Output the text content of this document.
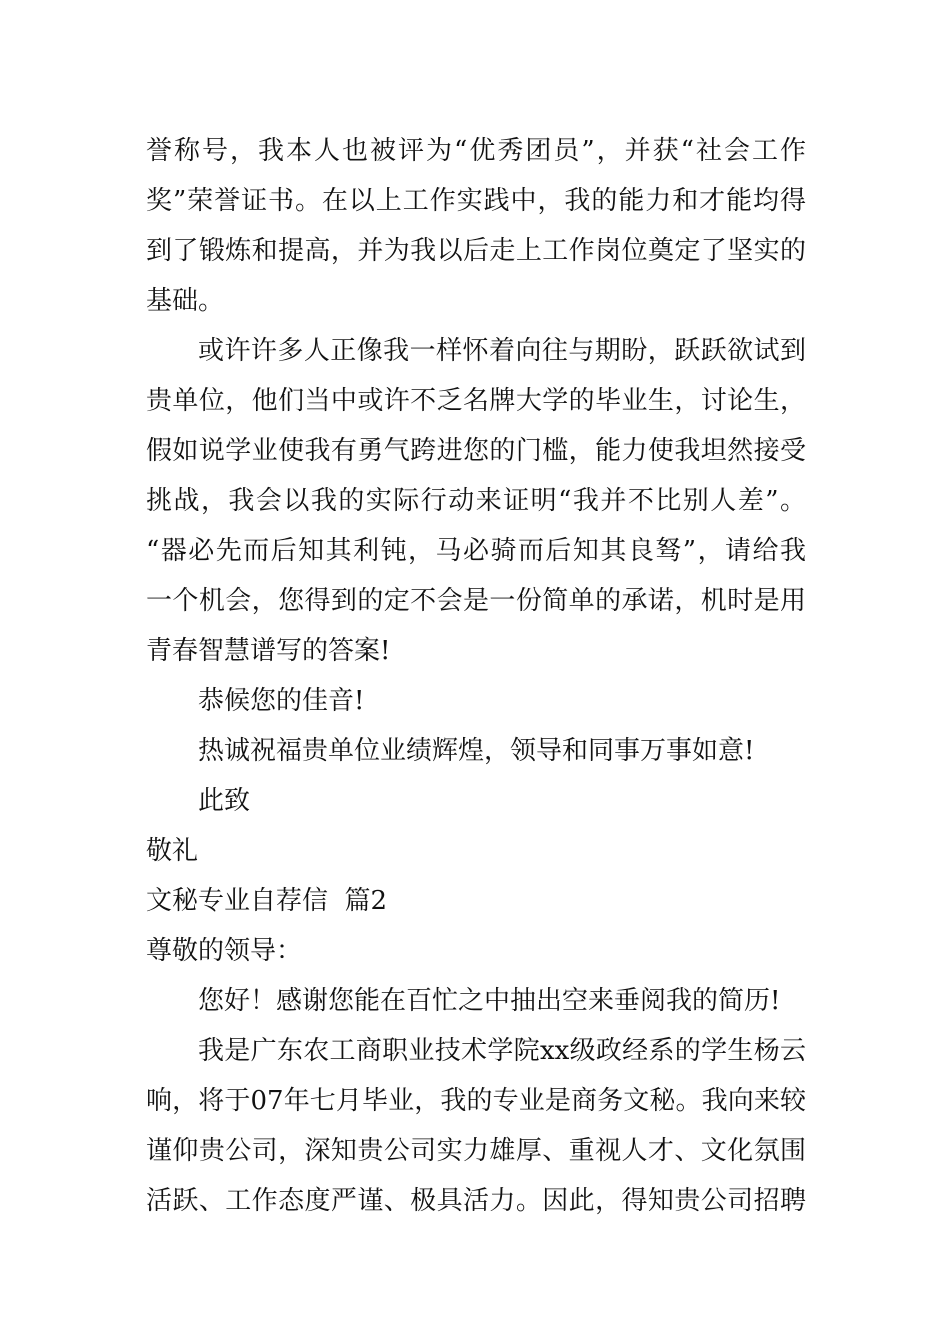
誉称号，我本人也被评为“优秀团员”，并获“社会工作
奖”荣誉证书。在以上工作实践中，我的能力和才能均得
到了锻炼和提高，并为我以后走上工作岗位奠定了坚实的
基础。
或许许多人正像我一样怀着向往与期盼，跃跃欲试到
贵单位，他们当中或许不乏名牌大学的毕业生，讨论生，
假如说学业使我有勇气跨进您的门槛，能力使我坦然接受
挑战，我会以我的实际行动来证明“我并不比别人差”。
“器必先而后知其利钝，马必骑而后知其良驽”，请给我
一个机会，您得到的定不会是一份简单的承诺，机时是用
青春智慧谱写的答案!
恭候您的佳音!
热诚祝福贵单位业绩辉煌，领导和同事万事如意!
此致
敬礼
文秘专业自荐信  篇2
尊敬的领导：
您好！感谢您能在百忙之中抽出空来垂阅我的简历!
我是广东农工商职业技术学院xx级政经系的学生杨云
响，将于07年七月毕业，我的专业是商务文秘。我向来较
谨仰贵公司，深知贵公司实力雄厚、重视人才、文化氛围
活跃、工作态度严谨、极具活力。因此，得知贵公司招聘
